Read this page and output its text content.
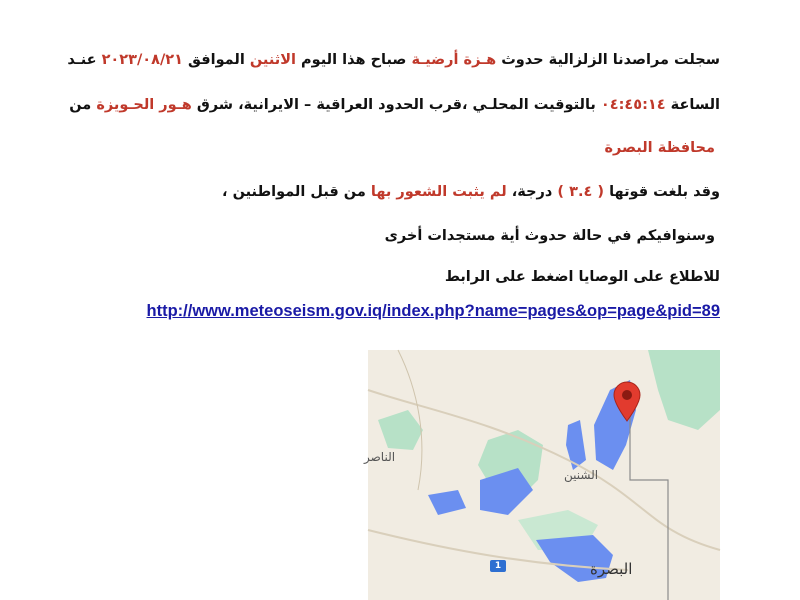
سجلت مراصدنا الزلزالية حدوث هـزة أرضيـة صباح هذا اليوم الاثنين الموافق ٢٠٢٣/٠٨/٢١ عنـد
الساعة ٠٤:٤٥:١٤ بالتوقيت المحلـي ،قرب الحدود العراقية – الايرانية، شرق هـور الحـويزة من
محافظة البصرة
وقد بلغت قوتها ( ٣.٤ ) درجة، لم يثبت الشعور بها من قبل المواطنين ،
وسنوافيكم في حالة حدوث أية مستجدات أخرى
للاطلاع على الوصايا اضغط على الرابط
http://www.meteoseism.gov.iq/index.php?name=pages&op=page&pid=89
الناصر
الشنين
البصرة
1
